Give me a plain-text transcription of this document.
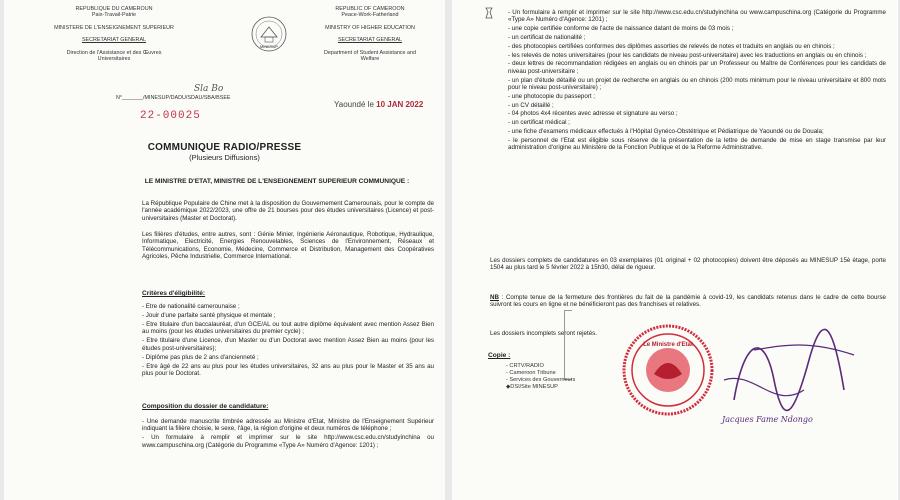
REPUBLIQUE DU CAMEROUN
Paix-Travail-Patrie
MINISTERE DE L'ENSEIGNEMENT SUPERIEUR
SECRETARIAT GENERAL
Direction de l'Assistance et des Œuvres
Universitaires
MINESUP
REPUBLIC OF CAMEROON
Peace-Work-Fatherland
MINISTRY OF HIGHER EDUCATION
SECRETARIAT GENERAL
Department of Student Assistance and
Welfare
Sla Bo
N°_______/MINESUP/DADU/SDAU/SBA/BSEE
Yaoundé le 10 JAN 2022
22-00025
COMMUNIQUE RADIO/PRESSE
(Plusieurs Diffusions)
LE MINISTRE D'ETAT, MINISTRE DE L'ENSEIGNEMENT SUPERIEUR COMMUNIQUE :
La République Populaire de Chine met à la disposition du Gouvernement Camerounais, pour le compte de l'année académique 2022/2023, une offre de 21 bourses pour des études universitaires (Licence) et post-universitaires (Master et Doctorat).
Les filières d'études, entre autres, sont : Génie Minier, Ingénierie Aéronautique, Robotique, Hydraulique, Informatique, Electricité, Energies Renouvelables, Sciences de l'Environnement, Réseaux et Télécommunications, Economie, Médecine, Commerce et Distribution, Management des Coopératives Agricoles, Pêche Industrielle, Commerce International.
Critères d'éligibilité:
- Etre de nationalité camerounaise ;
- Jouir d'une parfaite santé physique et mentale ;
- Etre titulaire d'un baccalauréat, d'un GCE/AL ou tout autre diplôme équivalent avec mention Assez Bien au moins (pour les études universitaires du premier cycle) ;
- Etre titulaire d'une Licence, d'un Master ou d'un Doctorat avec mention Assez Bien au moins (pour les études post-universitaires);
- Diplôme pas plus de 2 ans d'ancienneté ;
- Etre âgé de 22 ans au plus pour les études universitaires, 32 ans au plus pour le Master et 35 ans au plus pour le Doctorat.
Composition du dossier de candidature:
- Une demande manuscrite timbrée adressée au Ministre d'Etat, Ministre de l'Enseignement Supérieur indiquant la filière choisie, le sexe, l'âge, la région d'origine et deux numéros de téléphone ;
- Un formulaire à remplir et imprimer sur le site http://www.csc.edu.cn/studyinchina ou www.campuschina.org (Catégorie du Programme «Type A» Numéro d'Agence: 1201) ;
- Un formulaire à remplir et imprimer sur le site http://www.csc.edu.cn/studyinchina ou www.campuschina.org (Catégorie du Programme «Type A» Numéro d'Agence: 1201) ;
- une copie certifiée conforme de l'acte de naissance datant de moins de 03 mois ;
- un certificat de nationalité ;
- des photocopies certifiées conformes des diplômes assorties de relevés de notes et traduits en anglais ou en chinois ;
- les relevés de notes universitaires (pour les candidats de niveau post-universitaire) avec les traductions en anglais ou en chinois ;
- deux lettres de recommandation rédigées en anglais ou en chinois par un Professeur ou Maître de Conférences pour les candidats de niveau post-universitaire ;
- un plan d'étude détaillé ou un projet de recherche en anglais ou en chinois (200 mots minimum pour le niveau universitaire et 800 mots pour le niveau post-universitaire) ;
- une photocopie du passeport ;
- un CV détaillé ;
- 04 photos 4x4 récentes avec adresse et signature au verso ;
- un certificat médical ;
- une fiche d'examens médicaux effectués à l'Hôpital Gynéco-Obstétrique et Pédiatrique de Yaoundé ou de Douala;
- le personnel de l'Etat est éligible sous réserve de la présentation de la lettre de demande de mise en stage transmise par leur administration d'origine au Ministère de la Fonction Publique et de la Reforme Administrative.
Les dossiers complets de candidatures en 03 exemplaires (01 original + 02 photocopies) doivent être déposés au MINESUP 15è étage, porte 1504 au plus tard le 5 février 2022 à 15h30, délai de rigueur.
NB : Compte tenue de la fermeture des frontières du fait de la pandémie à covid-19, les candidats retenus dans le cadre de cette bourse suivront les cours en ligne et ne bénéficieront pas des franchises et relatives.
Les dossiers incomplets seront rejetés.
Copie :
- CRTV/RADIO
- Cameroon Tribune
- Services des Gouverneurs
◆DSI/Site MINESUP
Le Ministre d'Etat
Jacques Fame Ndongo
